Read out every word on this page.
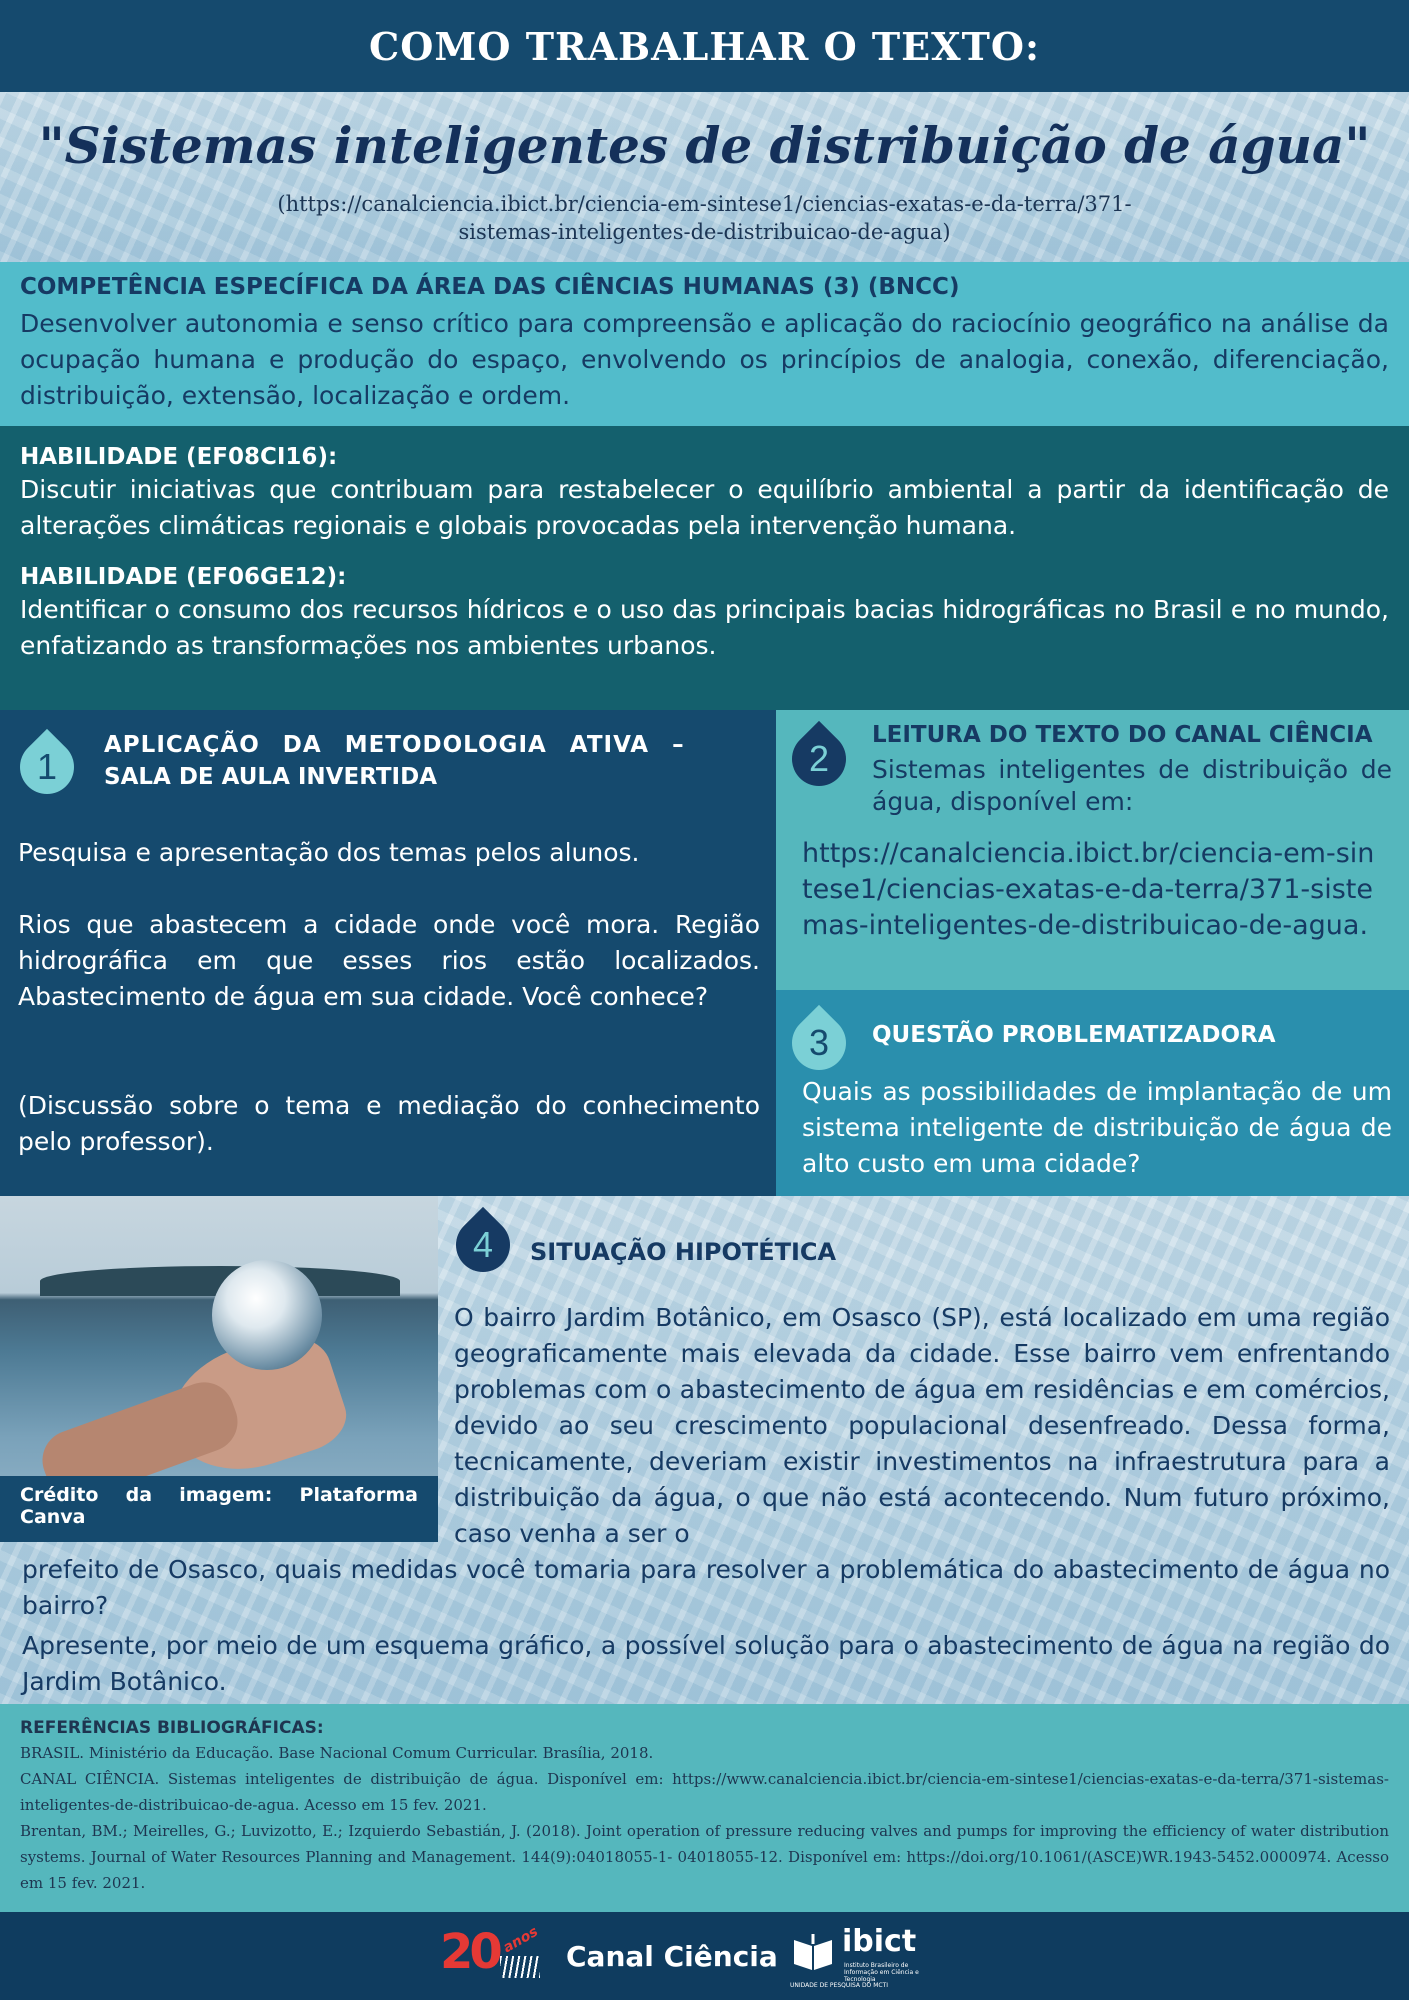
COMO TRABALHAR O TEXTO:
"Sistemas inteligentes de distribuição de água"
(https://canalciencia.ibict.br/ciencia-em-sintese1/ciencias-exatas-e-da-terra/371-
sistemas-inteligentes-de-distribuicao-de-agua)
COMPETÊNCIA ESPECÍFICA DA ÁREA DAS CIÊNCIAS HUMANAS (3) (BNCC)
Desenvolver autonomia e senso crítico para compreensão e aplicação do raciocínio geográfico na análise da ocupação humana e produção do espaço, envolvendo os princípios de analogia, conexão, diferenciação, distribuição, extensão, localização e ordem.
HABILIDADE (EF08CI16):
Discutir iniciativas que contribuam para restabelecer o equilíbrio ambiental a partir da identificação de alterações climáticas regionais e globais provocadas pela intervenção humana.
HABILIDADE (EF06GE12):
Identificar o consumo dos recursos hídricos e o uso das principais bacias hidrográficas no Brasil e no mundo, enfatizando as transformações nos ambientes urbanos.
1
APLICAÇÃO DA METODOLOGIA ATIVA –
SALA DE AULA INVERTIDA
Pesquisa e apresentação dos temas pelos alunos.
Rios que abastecem a cidade onde você mora. Região hidrográfica em que esses rios estão localizados. Abastecimento de água em sua cidade. Você conhece?
(Discussão sobre o tema e mediação do conhecimento pelo professor).
2
LEITURA DO TEXTO DO CANAL CIÊNCIA
Sistemas inteligentes de distribuição de água, disponível em:
https://canalciencia.ibict.br/ciencia-em-sintese1/ciencias-exatas-e-da-terra/371-sistemas-inteligentes-de-distribuicao-de-agua.
3	QUESTÃO PROBLEMATIZADORA
Quais as possibilidades de implantação de um sistema inteligente de distribuição de água de alto custo em uma cidade?
Crédito da imagem: Plataforma Canva
4	SITUAÇÃO HIPOTÉTICA
O bairro Jardim Botânico, em Osasco (SP), está localizado em uma região geograficamente mais elevada da cidade. Esse bairro vem enfrentando problemas com o abastecimento de água em residências e em comércios, devido ao seu crescimento populacional desenfreado. Dessa forma, tecnicamente, deveriam existir investimentos na infraestrutura para a distribuição da água, o que não está acontecendo. Num futuro próximo, caso venha a ser o
prefeito de Osasco, quais medidas você tomaria para resolver a problemática do abastecimento de água no bairro?
Apresente, por meio de um esquema gráfico, a possível solução para o abastecimento de água na região do Jardim Botânico.
REFERÊNCIAS BIBLIOGRÁFICAS:
BRASIL. Ministério da Educação. Base Nacional Comum Curricular. Brasília, 2018.
CANAL CIÊNCIA. Sistemas inteligentes de distribuição de água. Disponível em: https://www.canalciencia.ibict.br/ciencia-em-sintese1/ciencias-exatas-e-da-terra/371-sistemas-inteligentes-de-distribuicao-de-agua. Acesso em 15 fev. 2021.
Brentan, BM.; Meirelles, G.; Luvizotto, E.; Izquierdo Sebastián, J. (2018). Joint operation of pressure reducing valves and pumps for improving the efficiency of water distribution systems. Journal of Water Resources Planning and Management. 144(9):04018055-1- 04018055-12. Disponível em: https://doi.org/10.1061/(ASCE)WR.1943-5452.0000974. Acesso em 15 fev. 2021.
20 anos Canal Ciência ibict
Instituto Brasileiro de Informação em Ciência e Tecnologia
UNIDADE DE PESQUISA DO MCTI
